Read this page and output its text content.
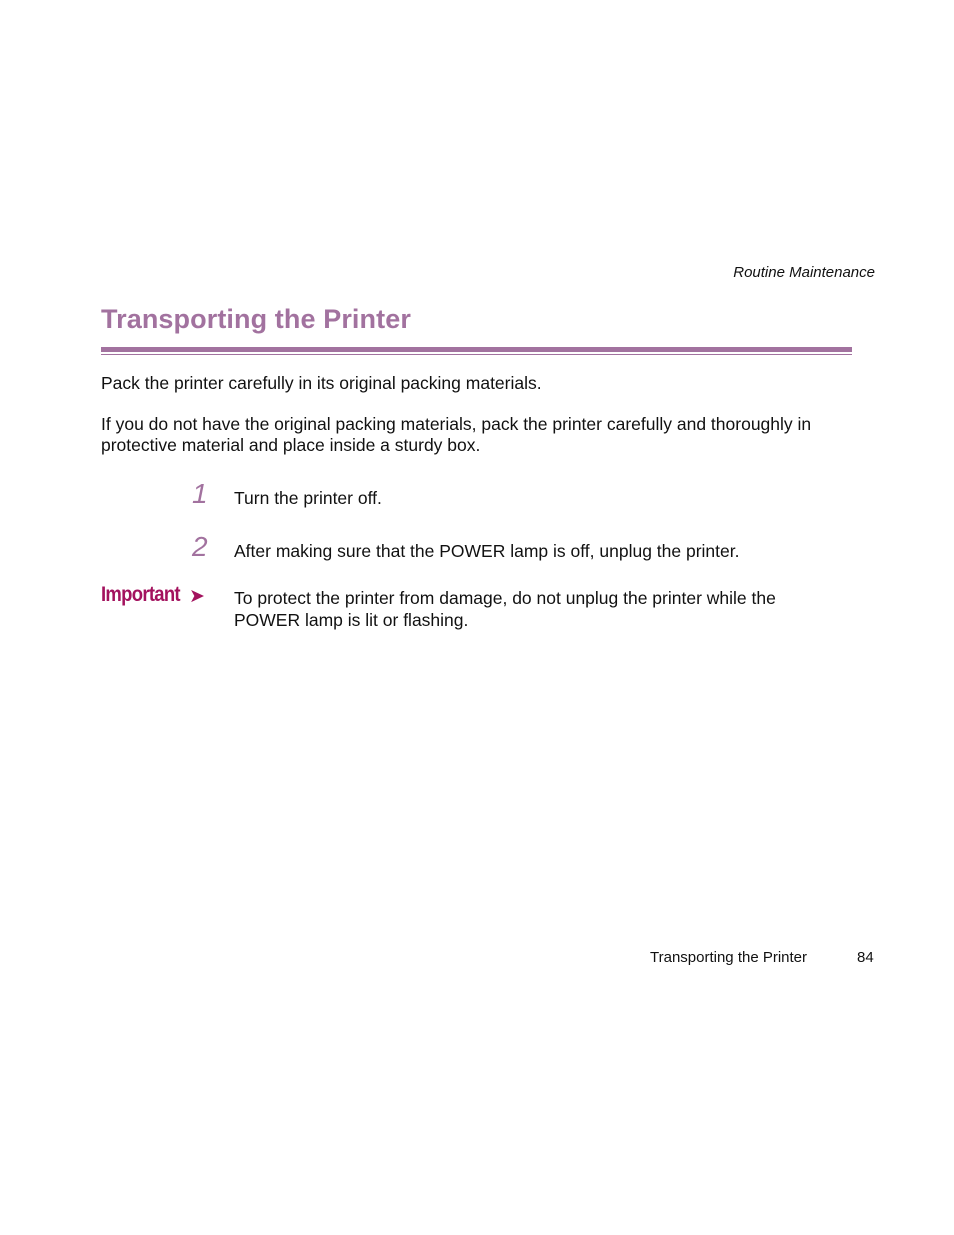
Routine Maintenance
Transporting the Printer

Pack the printer carefully in its original packing materials.

If you do not have the original packing materials, pack the printer carefully and thoroughly in protective material and place inside a sturdy box.

1 Turn the printer off.

2 After making sure that the POWER lamp is off, unplug the printer.

Important ➤ To protect the printer from damage, do not unplug the printer while the POWER lamp is lit or flashing.

Transporting the Printer	84
